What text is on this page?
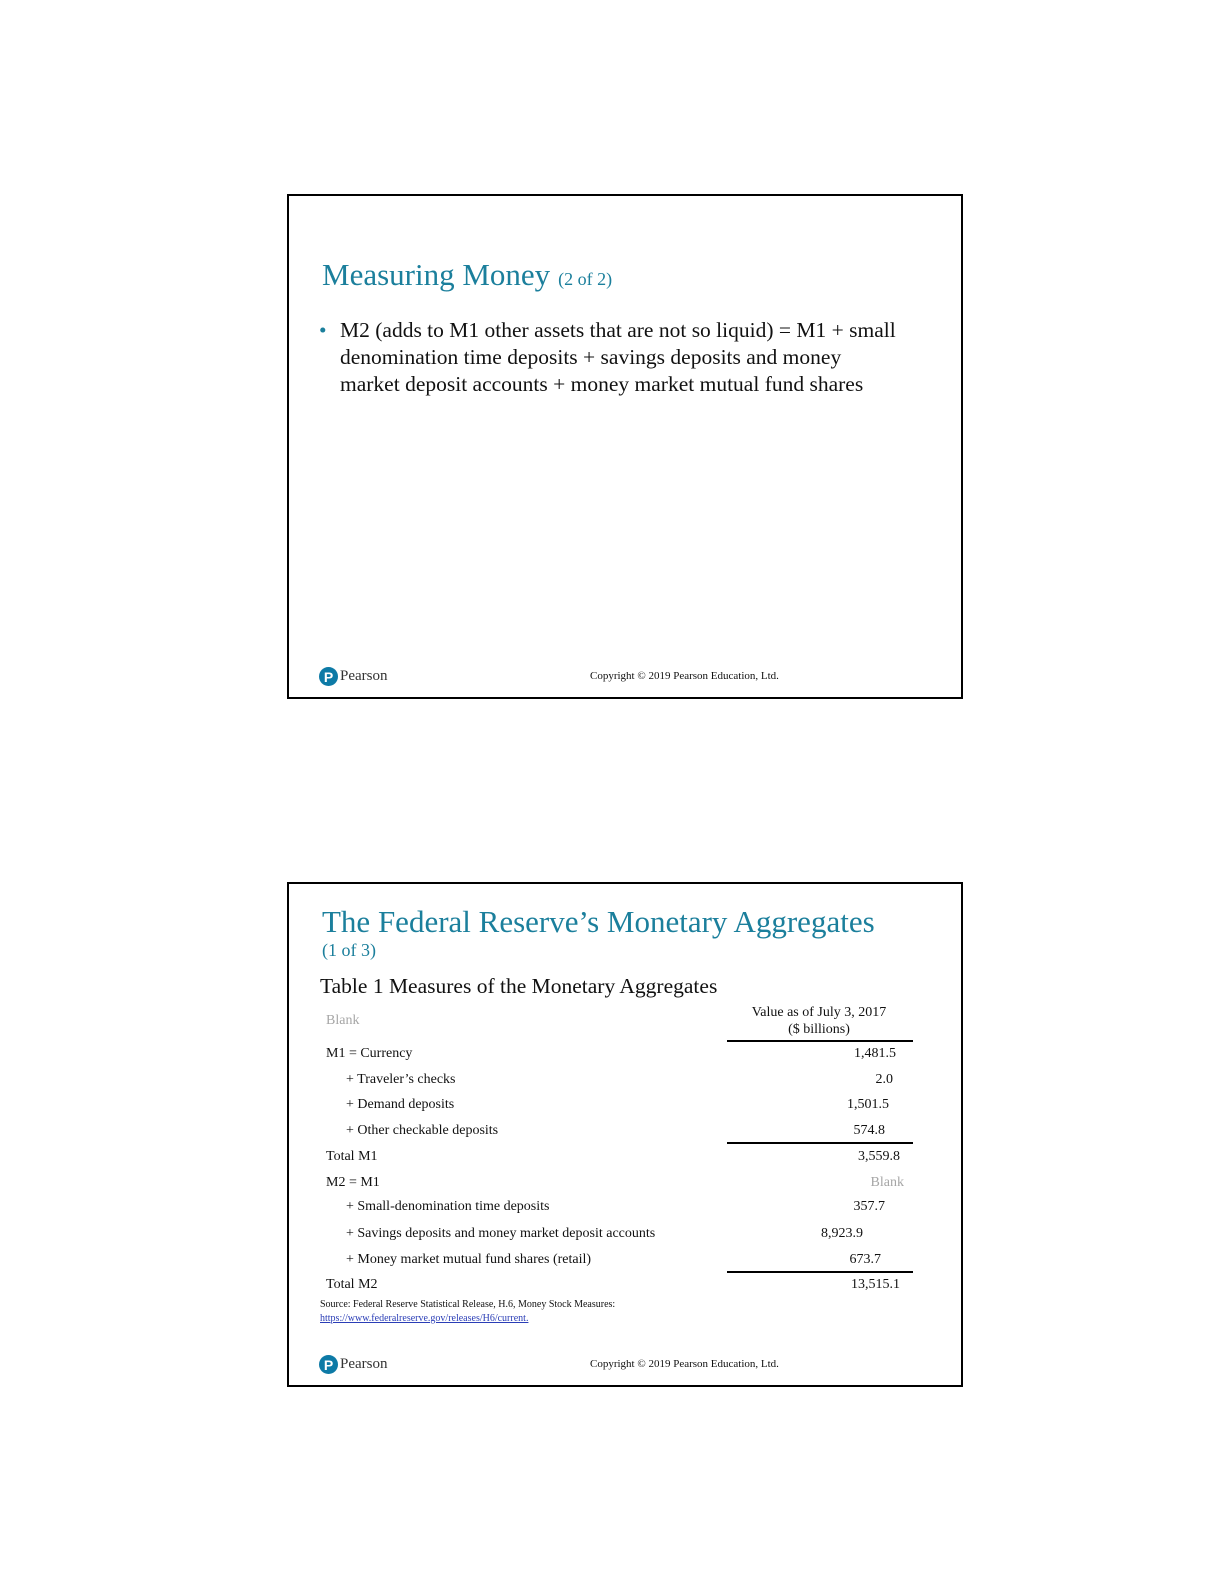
Measuring Money (2 of 2)
• M2 (adds to M1 other assets that are not so liquid) = M1 + small denomination time deposits + savings deposits and money market deposit accounts + money market mutual fund shares
P Pearson	Copyright © 2019 Pearson Education, Ltd.
The Federal Reserve’s Monetary Aggregates
(1 of 3)
Table 1 Measures of the Monetary Aggregates
Blank
Value as of July 3, 2017
($ billions)
M1 = Currency	1,481.5
+ Traveler’s checks	2.0
+ Demand deposits	1,501.5
+ Other checkable deposits	574.8
Total M1	3,559.8
M2 = M1	Blank
+ Small-denomination time deposits	357.7
+ Savings deposits and money market deposit accounts	8,923.9
+ Money market mutual fund shares (retail)	673.7
Total M2	13,515.1
Source: Federal Reserve Statistical Release, H.6, Money Stock Measures:
https://www.federalreserve.gov/releases/H6/current.
P Pearson	Copyright © 2019 Pearson Education, Ltd.
